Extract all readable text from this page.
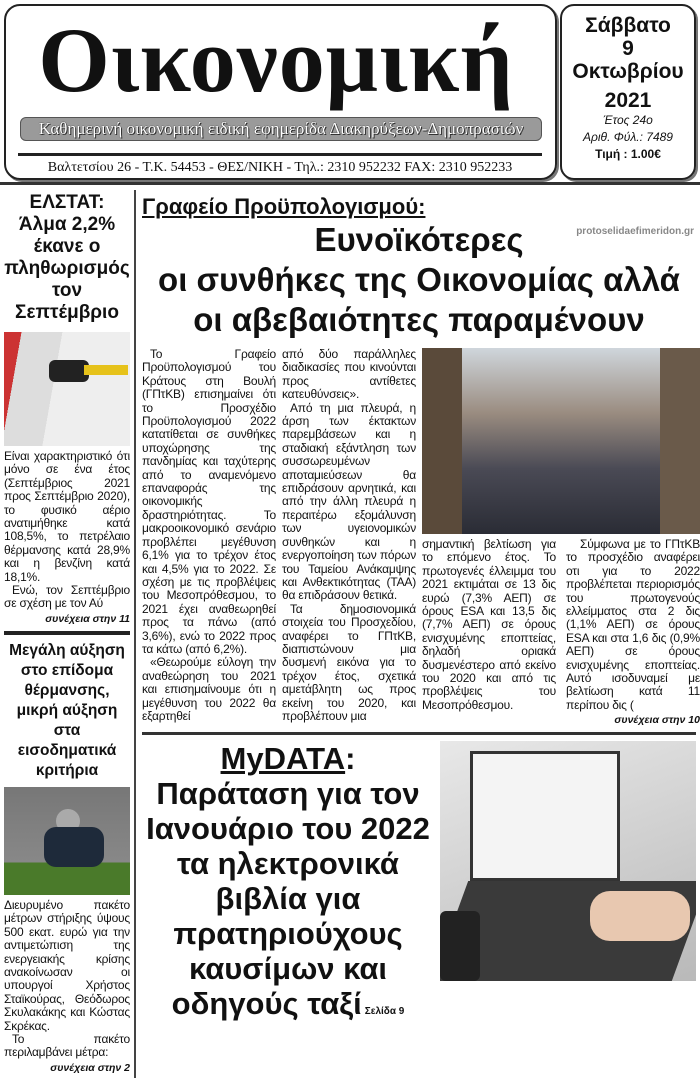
Οικονομική
Καθημερινή οικονομική ειδική εφημερίδα Διακηρύξεων-Δημοπρασιών
Βαλτετσίου 26 - Τ.Κ. 54453 - ΘΕΣ/ΝΙΚΗ - Τηλ.: 2310 952232 FAX: 2310 952233
Σάββατο
9
Οκτωβρίου
2021
Έτος 24ο
Αριθ. Φύλ.: 7489
Τιμή : 1.00€
ΕΛΣΤΑΤ: Άλμα 2,2% έκανε ο πληθωρισμός τον Σεπτέμβριο
Είναι χαρακτηριστικό ότι μόνο σε ένα έτος (Σεπτέμβριος 2021 προς Σεπτέμβριο 2020), το φυσικό αέριο ανατιμήθηκε κατά 108,5%, το πετρέλαιο θέρμανσης κατά 28,9% και η βενζίνη κατά 18,1%.
Ενώ, τον Σεπτέμβριο σε σχέση με τον Αύ
συνέχεια στην 11
Μεγάλη αύξηση στο επίδομα θέρμανσης, μικρή αύξηση στα εισοδηματικά κριτήρια
Διευρυμένο πακέτο μέτρων στήριξης ύψους 500 εκατ. ευρώ για την αντιμετώπιση της ενεργειακής κρίσης ανακοίνωσαν οι υπουργοί Χρήστος Σταϊκούρας, Θεόδωρος Σκυλακάκης και Κώστας Σκρέκας.
Το πακέτο περιλαμβάνει μέτρα:
συνέχεια στην 2
Γραφείο Προϋπολογισμού:
protoselidaefimeridon.gr
Ευνοϊκότερες
οι συνθήκες της Οικονομίας αλλά
οι αβεβαιότητες παραμένουν
Το Γραφείο Προϋπολογισμού του Κράτους στη Βουλή (ΓΠτΚΒ) επισημαίνει ότι το Προσχέδιο Προϋπολογισμού 2022 κατατίθεται σε συνθήκες υποχώρησης της πανδημίας και ταχύτερης από το αναμενόμενο επαναφοράς της οικονομικής δραστηριότητας. Το μακροοικονομικό σενάριο προβλέπει μεγέθυνση 6,1% για το τρέχον έτος και 4,5% για το 2022. Σε σχέση με τις προβλέψεις του Μεσοπρόθεσμου, το 2021 έχει αναθεωρηθεί προς τα πάνω (από 3,6%), ενώ το 2022 προς τα κάτω (από 6,2%).
«Θεωρούμε εύλογη την αναθεώρηση του 2021 και επισημαίνουμε ότι η μεγέθυνση του 2022 θα εξαρτηθεί
από δύο παράλληλες διαδικασίες που κινούνται προς αντίθετες κατευθύνσεις».
Από τη μια πλευρά, η άρση των έκτακτων παρεμβάσεων και η σταδιακή εξάντληση των συσσωρευμένων αποταμιεύσεων θα επιδράσουν αρνητικά, και από την άλλη πλευρά η περαιτέρω εξομάλυνση των υγειονομικών συνθηκών και η ενεργοποίηση των πόρων του Ταμείου Ανάκαμψης και Ανθεκτικότητας (ΤΑΑ) θα επιδράσουν θετικά.
Τα δημοσιονομικά στοιχεία του Προσχεδίου, αναφέρει το ΓΠτΚΒ, διαπιστώνουν μια δυσμενή εικόνα για το τρέχον έτος, σχετικά αμετάβλητη ως προς εκείνη του 2020, και προβλέπουν μια
σημαντική βελτίωση για το επόμενο έτος. Το πρωτογενές έλλειμμα του 2021 εκτιμάται σε 13 δις ευρώ (7,3% ΑΕΠ) σε όρους ESA και 13,5 δις (7,7% ΑΕΠ) σε όρους ενισχυμένης εποπτείας, δηλαδή οριακά δυσμενέστερο από εκείνο του 2020 και από τις προβλέψεις του Μεσοπρόθεσμου.
Σύμφωνα με το ΓΠτΚΒ το προσχέδιο αναφέρει οτι για το 2022 προβλέπεται περιορισμός του πρωτογενούς ελλείμματος στα 2 δις (1,1% ΑΕΠ) σε όρους ESA και στα 1,6 δις (0,9% ΑΕΠ) σε όρους ενισχυμένης εποπτείας. Αυτό ισοδυναμεί με βελτίωση κατά 11 περίπου δις (
συνέχεια στην 10
MyDATA: Παράταση για τον Ιανουάριο του 2022 τα ηλεκτρονικά βιβλία για πρατηριούχους καυσίμων και οδηγούς ταξί Σελίδα 9
